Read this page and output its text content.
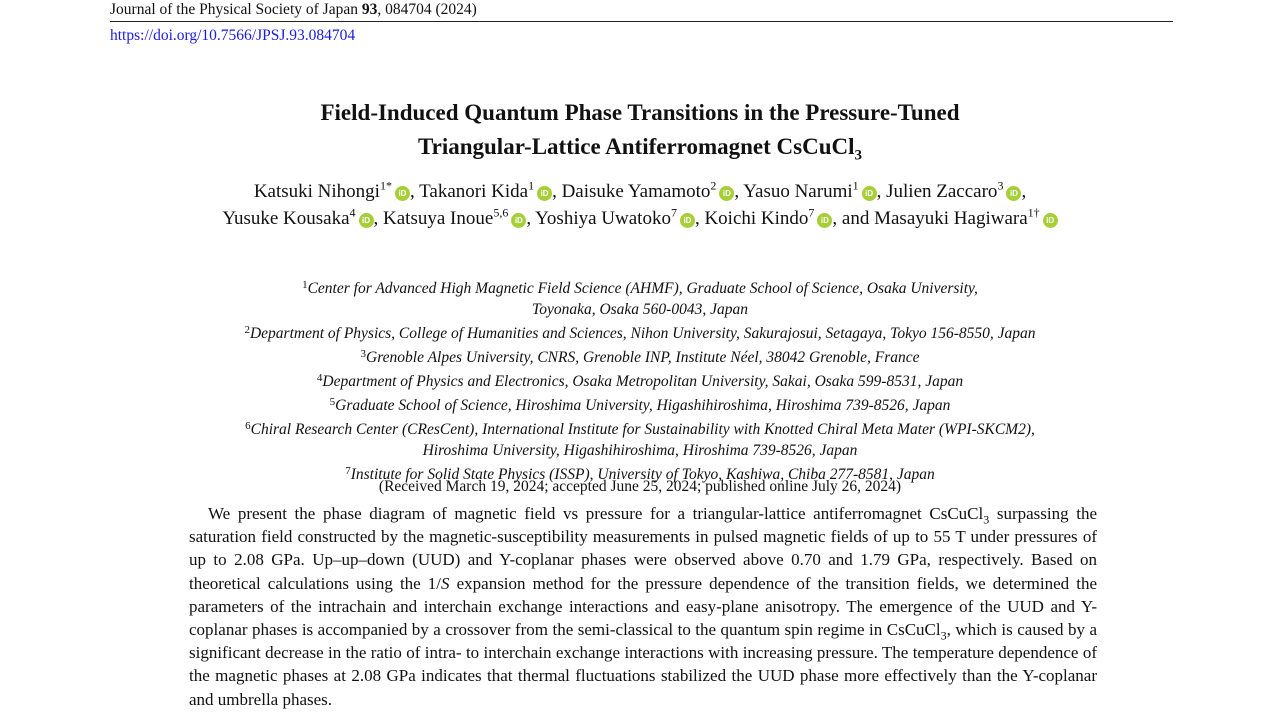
Journal of the Physical Society of Japan 93, 084704 (2024)
https://doi.org/10.7566/JPSJ.93.084704
Field-Induced Quantum Phase Transitions in the Pressure-Tuned
Triangular-Lattice Antiferromagnet CsCuCl$_3$
Katsuki Nihongi$^{1*}$iD , Takanori Kida$^1$iD , Daisuke Yamamoto$^2$iD , Yasuo Narumi$^1$iD , Julien Zaccaro$^3$iD ,
Yusuke Kousaka$^4$iD , Katsuya Inoue$^{5,6}$iD , Yoshiya Uwatoko$^7$iD , Koichi Kindo$^7$iD , and Masayuki Hagiwara$^{1\dagger}$iD
$^1$Center for Advanced High Magnetic Field Science (AHMF), Graduate School of Science, Osaka University,
Toyonaka, Osaka 560-0043, Japan
$^2$Department of Physics, College of Humanities and Sciences, Nihon University, Sakurajosui, Setagaya, Tokyo 156-8550, Japan
$^3$Grenoble Alpes University, CNRS, Grenoble INP, Institute Néel, 38042 Grenoble, France
$^4$Department of Physics and Electronics, Osaka Metropolitan University, Sakai, Osaka 599-8531, Japan
$^5$Graduate School of Science, Hiroshima University, Higashihiroshima, Hiroshima 739-8526, Japan
$^6$Chiral Research Center (CResCent), International Institute for Sustainability with Knotted Chiral Meta Mater (WPI-SKCM2),
Hiroshima University, Higashihiroshima, Hiroshima 739-8526, Japan
$^7$Institute for Solid State Physics (ISSP), University of Tokyo, Kashiwa, Chiba 277-8581, Japan
(Received March 19, 2024; accepted June 25, 2024; published online July 26, 2024)
We present the phase diagram of magnetic field vs pressure for a triangular-lattice antiferromagnet CsCuCl$_3$ surpassing the saturation field constructed by the magnetic-susceptibility measurements in pulsed magnetic fields of up to 55 T under pressures of up to 2.08 GPa. Up–up–down (UUD) and Y-coplanar phases were observed above 0.70 and 1.79 GPa, respectively. Based on theoretical calculations using the 1/S expansion method for the pressure dependence of the transition fields, we determined the parameters of the intrachain and interchain exchange interactions and easy-plane anisotropy. The emergence of the UUD and Y-coplanar phases is accompanied by a crossover from the semi-classical to the quantum spin regime in CsCuCl$_3$, which is caused by a significant decrease in the ratio of intra- to interchain exchange interactions with increasing pressure. The temperature dependence of the magnetic phases at 2.08 GPa indicates that thermal fluctuations stabilized the UUD phase more effectively than the Y-coplanar and umbrella phases.
